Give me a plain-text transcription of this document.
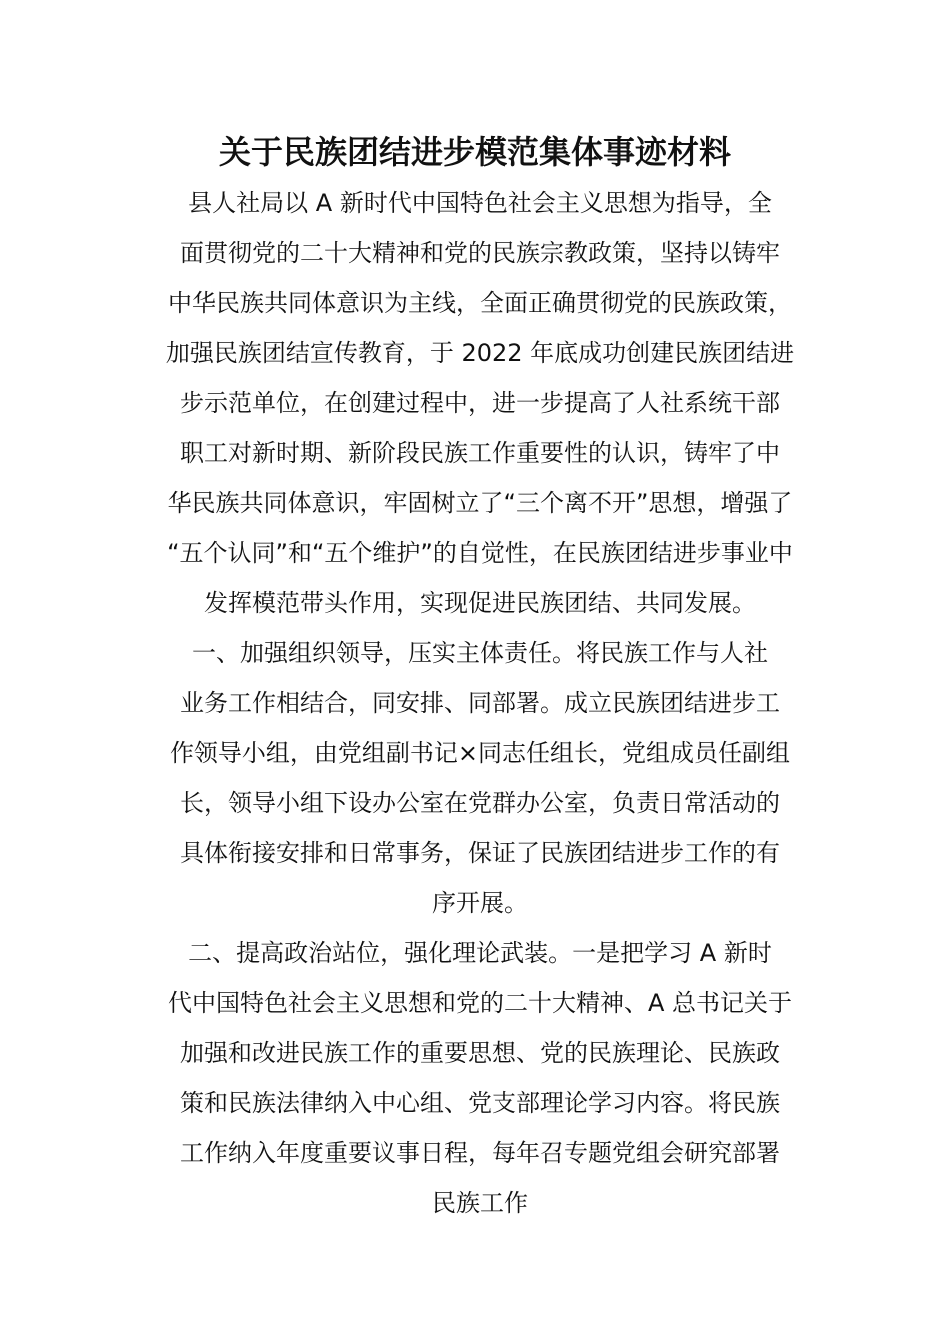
关于民族团结进步模范集体事迹材料
县人社局以 A 新时代中国特色社会主义思想为指导，全
面贯彻党的二十大精神和党的民族宗教政策，坚持以铸牢
中华民族共同体意识为主线，全面正确贯彻党的民族政策，
加强民族团结宣传教育，于 2022 年底成功创建民族团结进
步示范单位，在创建过程中，进一步提高了人社系统干部
职工对新时期、新阶段民族工作重要性的认识，铸牢了中
华民族共同体意识，牢固树立了“三个离不开”思想，增强了
“五个认同”和“五个维护”的自觉性，在民族团结进步事业中
发挥模范带头作用，实现促进民族团结、共同发展。
一、加强组织领导，压实主体责任。将民族工作与人社
业务工作相结合，同安排、同部署。成立民族团结进步工
作领导小组，由党组副书记×同志任组长，党组成员任副组
长，领导小组下设办公室在党群办公室，负责日常活动的
具体衔接安排和日常事务，保证了民族团结进步工作的有
序开展。
二、提高政治站位，强化理论武装。一是把学习 A 新时
代中国特色社会主义思想和党的二十大精神、A 总书记关于
加强和改进民族工作的重要思想、党的民族理论、民族政
策和民族法律纳入中心组、党支部理论学习内容。将民族
工作纳入年度重要议事日程，每年召专题党组会研究部署
民族工作
